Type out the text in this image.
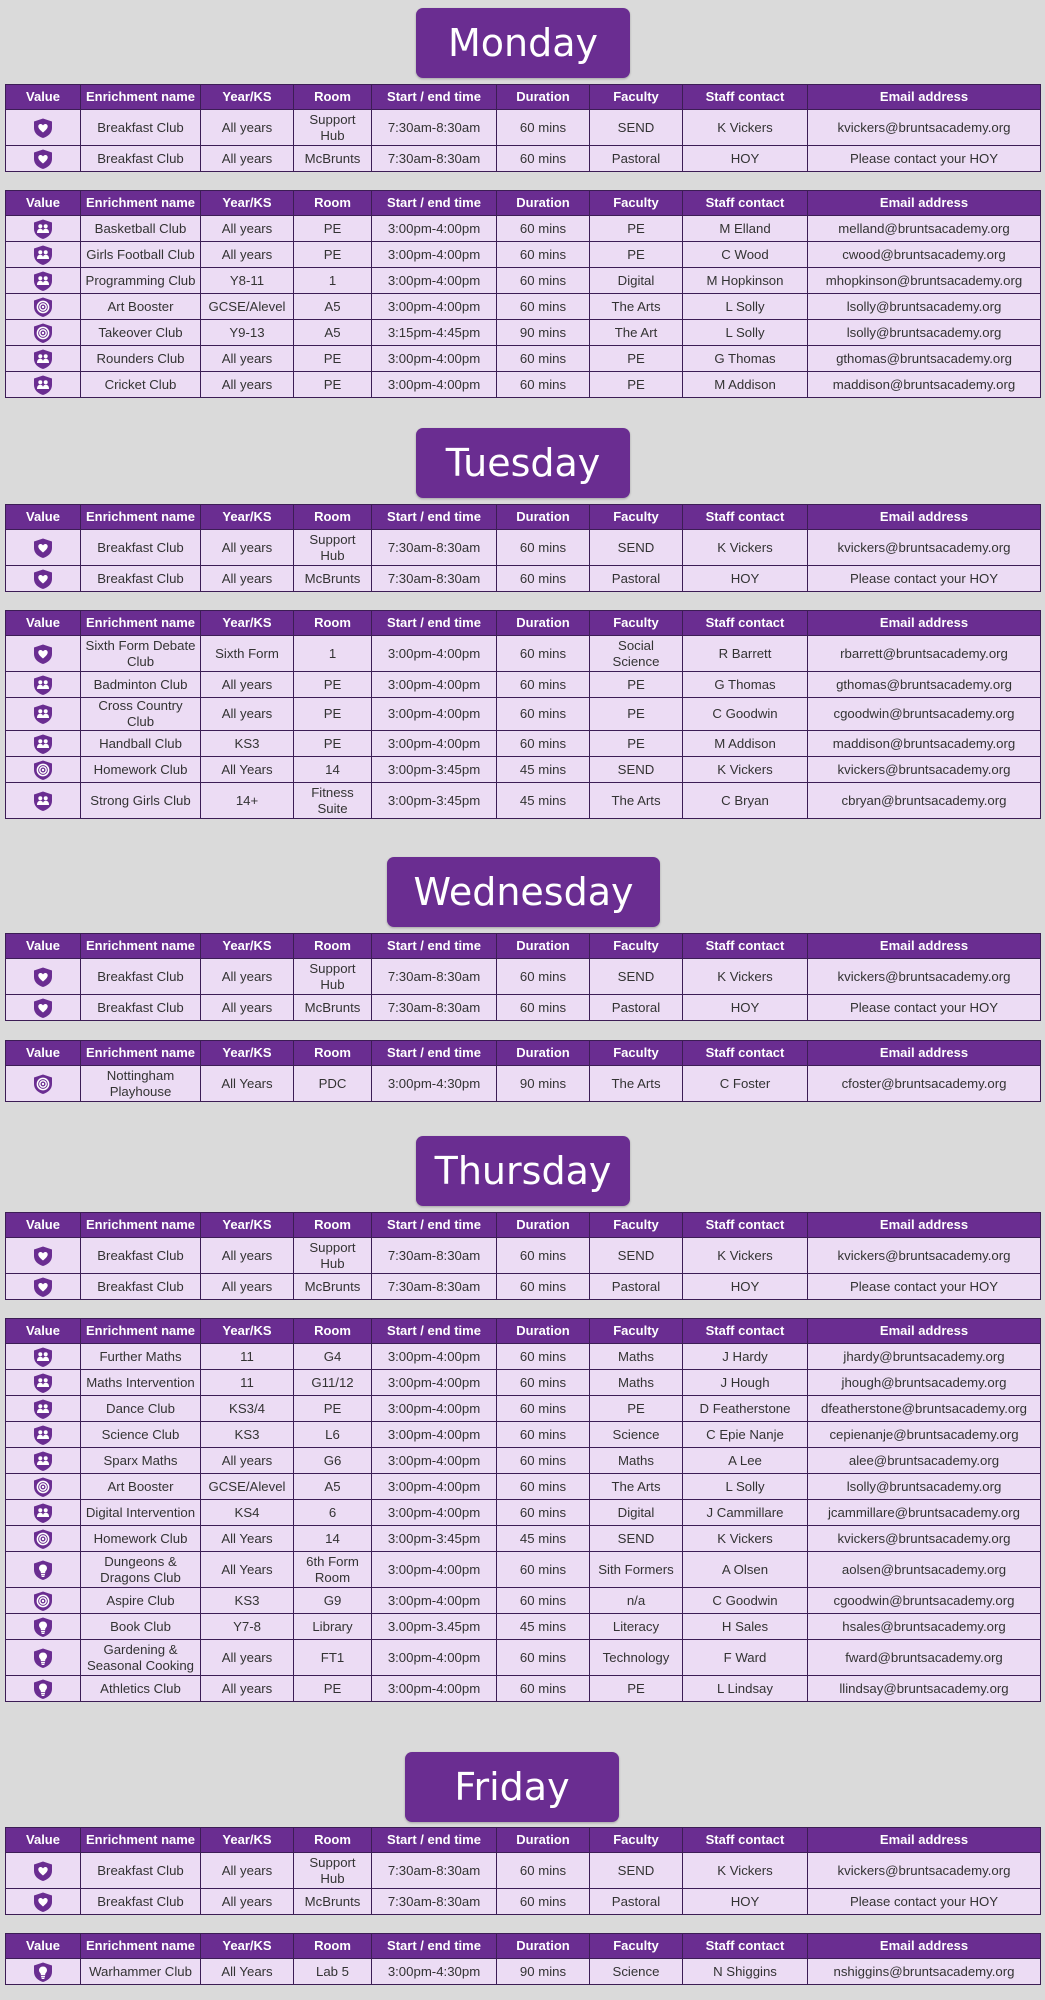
Monday
Value	Enrichment name	Year/KS	Room	Start / end time	Duration	Faculty	Staff contact	Email address

	Breakfast Club	All years	Support Hub	7:30am-8:30am	60 mins	SEND	K Vickers	kvickers@bruntsacademy.org

	Breakfast Club	All years	McBrunts	7:30am-8:30am	60 mins	Pastoral	HOY	Please contact your HOY
Value	Enrichment name	Year/KS	Room	Start / end time	Duration	Faculty	Staff contact	Email address

	Basketball Club	All years	PE	3:00pm-4:00pm	60 mins	PE	M Elland	melland@bruntsacademy.org

	Girls Football Club	All years	PE	3:00pm-4:00pm	60 mins	PE	C Wood	cwood@bruntsacademy.org

	Programming Club	Y8-11	1	3:00pm-4:00pm	60 mins	Digital	M Hopkinson	mhopkinson@bruntsacademy.org

	Art Booster	GCSE/Alevel	A5	3:00pm-4:00pm	60 mins	The Arts	L Solly	lsolly@bruntsacademy.org

	Takeover Club	Y9-13	A5	3:15pm-4:45pm	90 mins	The Art	L Solly	lsolly@bruntsacademy.org

	Rounders Club	All years	PE	3:00pm-4:00pm	60 mins	PE	G Thomas	gthomas@bruntsacademy.org

	Cricket Club	All years	PE	3:00pm-4:00pm	60 mins	PE	M Addison	maddison@bruntsacademy.org
Tuesday
Value	Enrichment name	Year/KS	Room	Start / end time	Duration	Faculty	Staff contact	Email address

	Breakfast Club	All years	Support Hub	7:30am-8:30am	60 mins	SEND	K Vickers	kvickers@bruntsacademy.org

	Breakfast Club	All years	McBrunts	7:30am-8:30am	60 mins	Pastoral	HOY	Please contact your HOY
Value	Enrichment name	Year/KS	Room	Start / end time	Duration	Faculty	Staff contact	Email address

	Sixth Form Debate Club	Sixth Form	1	3:00pm-4:00pm	60 mins	Social Science	R Barrett	rbarrett@bruntsacademy.org

	Badminton Club	All years	PE	3:00pm-4:00pm	60 mins	PE	G Thomas	gthomas@bruntsacademy.org

	Cross Country Club	All years	PE	3:00pm-4:00pm	60 mins	PE	C Goodwin	cgoodwin@bruntsacademy.org

	Handball Club	KS3	PE	3:00pm-4:00pm	60 mins	PE	M Addison	maddison@bruntsacademy.org

	Homework Club	All Years	14	3:00pm-3:45pm	45 mins	SEND	K Vickers	kvickers@bruntsacademy.org

	Strong Girls Club	14+	Fitness Suite	3:00pm-3:45pm	45 mins	The Arts	C Bryan	cbryan@bruntsacademy.org
Wednesday
Value	Enrichment name	Year/KS	Room	Start / end time	Duration	Faculty	Staff contact	Email address

	Breakfast Club	All years	Support Hub	7:30am-8:30am	60 mins	SEND	K Vickers	kvickers@bruntsacademy.org

	Breakfast Club	All years	McBrunts	7:30am-8:30am	60 mins	Pastoral	HOY	Please contact your HOY
Value	Enrichment name	Year/KS	Room	Start / end time	Duration	Faculty	Staff contact	Email address

	Nottingham Playhouse	All Years	PDC	3:00pm-4:30pm	90 mins	The Arts	C Foster	cfoster@bruntsacademy.org
Thursday
Value	Enrichment name	Year/KS	Room	Start / end time	Duration	Faculty	Staff contact	Email address

	Breakfast Club	All years	Support Hub	7:30am-8:30am	60 mins	SEND	K Vickers	kvickers@bruntsacademy.org

	Breakfast Club	All years	McBrunts	7:30am-8:30am	60 mins	Pastoral	HOY	Please contact your HOY
Value	Enrichment name	Year/KS	Room	Start / end time	Duration	Faculty	Staff contact	Email address

	Further Maths	11	G4	3:00pm-4:00pm	60 mins	Maths	J Hardy	jhardy@bruntsacademy.org

	Maths Intervention	11	G11/12	3:00pm-4:00pm	60 mins	Maths	J Hough	jhough@bruntsacademy.org

	Dance Club	KS3/4	PE	3:00pm-4:00pm	60 mins	PE	D Featherstone	dfeatherstone@bruntsacademy.org

	Science Club	KS3	L6	3:00pm-4:00pm	60 mins	Science	C Epie Nanje	cepienanje@bruntsacademy.org

	Sparx Maths	All years	G6	3:00pm-4:00pm	60 mins	Maths	A Lee	alee@bruntsacademy.org

	Art Booster	GCSE/Alevel	A5	3:00pm-4:00pm	60 mins	The Arts	L Solly	lsolly@bruntsacademy.org

	Digital Intervention	KS4	6	3:00pm-4:00pm	60 mins	Digital	J Cammillare	jcammillare@bruntsacademy.org

	Homework Club	All Years	14	3:00pm-3:45pm	45 mins	SEND	K Vickers	kvickers@bruntsacademy.org

	Dungeons & Dragons Club	All Years	6th Form Room	3:00pm-4:00pm	60 mins	Sith Formers	A Olsen	aolsen@bruntsacademy.org

	Aspire Club	KS3	G9	3:00pm-4:00pm	60 mins	n/a	C Goodwin	cgoodwin@bruntsacademy.org

	Book Club	Y7-8	Library	3.00pm-3.45pm	45 mins	Literacy	H Sales	hsales@bruntsacademy.org

	Gardening & Seasonal Cooking	All years	FT1	3:00pm-4:00pm	60 mins	Technology	F Ward	fward@bruntsacademy.org

	Athletics Club	All years	PE	3:00pm-4:00pm	60 mins	PE	L Lindsay	llindsay@bruntsacademy.org
Friday
Value	Enrichment name	Year/KS	Room	Start / end time	Duration	Faculty	Staff contact	Email address

	Breakfast Club	All years	Support Hub	7:30am-8:30am	60 mins	SEND	K Vickers	kvickers@bruntsacademy.org

	Breakfast Club	All years	McBrunts	7:30am-8:30am	60 mins	Pastoral	HOY	Please contact your HOY
Value	Enrichment name	Year/KS	Room	Start / end time	Duration	Faculty	Staff contact	Email address

	Warhammer Club	All Years	Lab 5	3:00pm-4:30pm	90 mins	Science	N Shiggins	nshiggins@bruntsacademy.org
